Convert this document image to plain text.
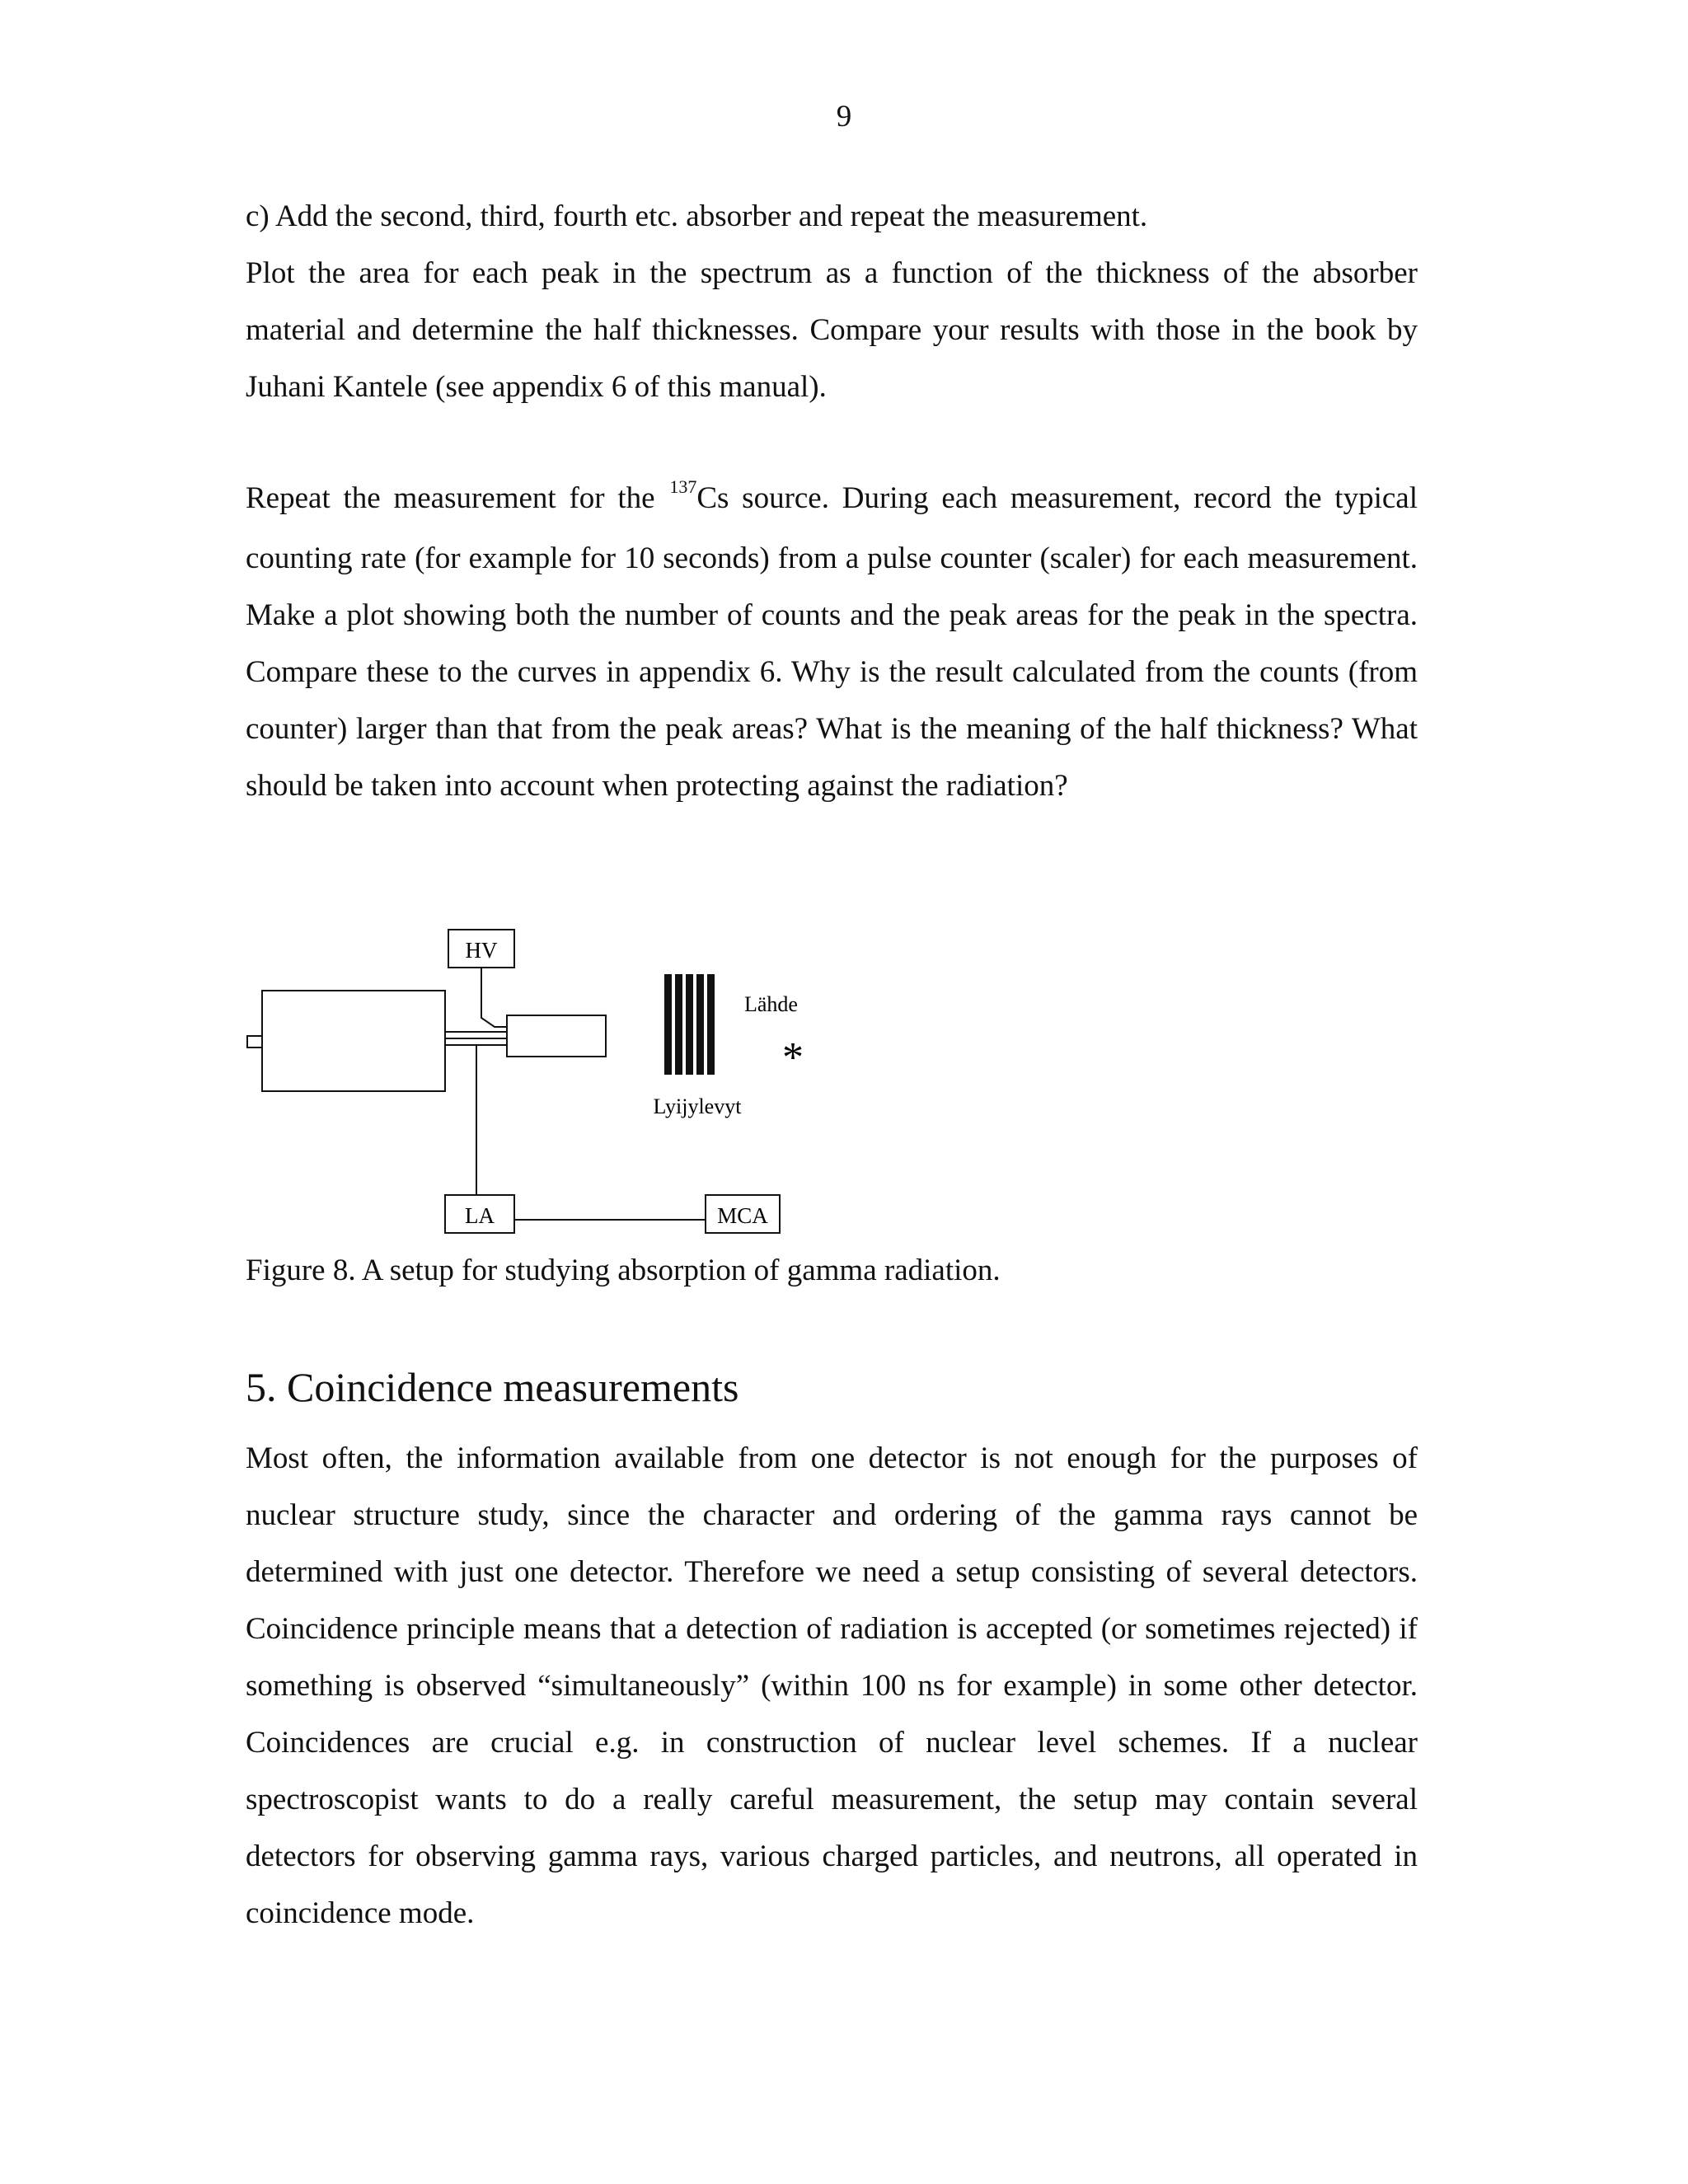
9

c) Add the second, third, fourth etc. absorber and repeat the measurement.

Plot the area for each peak in the spectrum as a function of the thickness of the absorber material and determine the half thicknesses. Compare your results with those in the book by Juhani Kantele (see appendix 6 of this manual).

Repeat the measurement for the $^{137}$Cs source. During each measurement, record the typical counting rate (for example for 10 seconds) from a pulse counter (scaler) for each measurement. Make a plot showing both the number of counts and the peak areas for the peak in the spectra. Compare these to the curves in appendix 6. Why is the result calculated from the counts (from counter) larger than that from the peak areas? What is the meaning of the half thickness? What should be taken into account when protecting against the radiation?

HV
Lähde
*
Lyijylevyt
LA	MCA
Figure 8. A setup for studying absorption of gamma radiation.
5. Coincidence measurements

Most often, the information available from one detector is not enough for the purposes of nuclear structure study, since the character and ordering of the gamma rays cannot be determined with just one detector. Therefore we need a setup consisting of several detectors. Coincidence principle means that a detection of radiation is accepted (or sometimes rejected) if something is observed “simultaneously” (within 100 ns for example) in some other detector. Coincidences are crucial e.g. in construction of nuclear level schemes. If a nuclear spectroscopist wants to do a really careful measurement, the setup may contain several detectors for observing gamma rays, various charged particles, and neutrons, all operated in coincidence mode.
